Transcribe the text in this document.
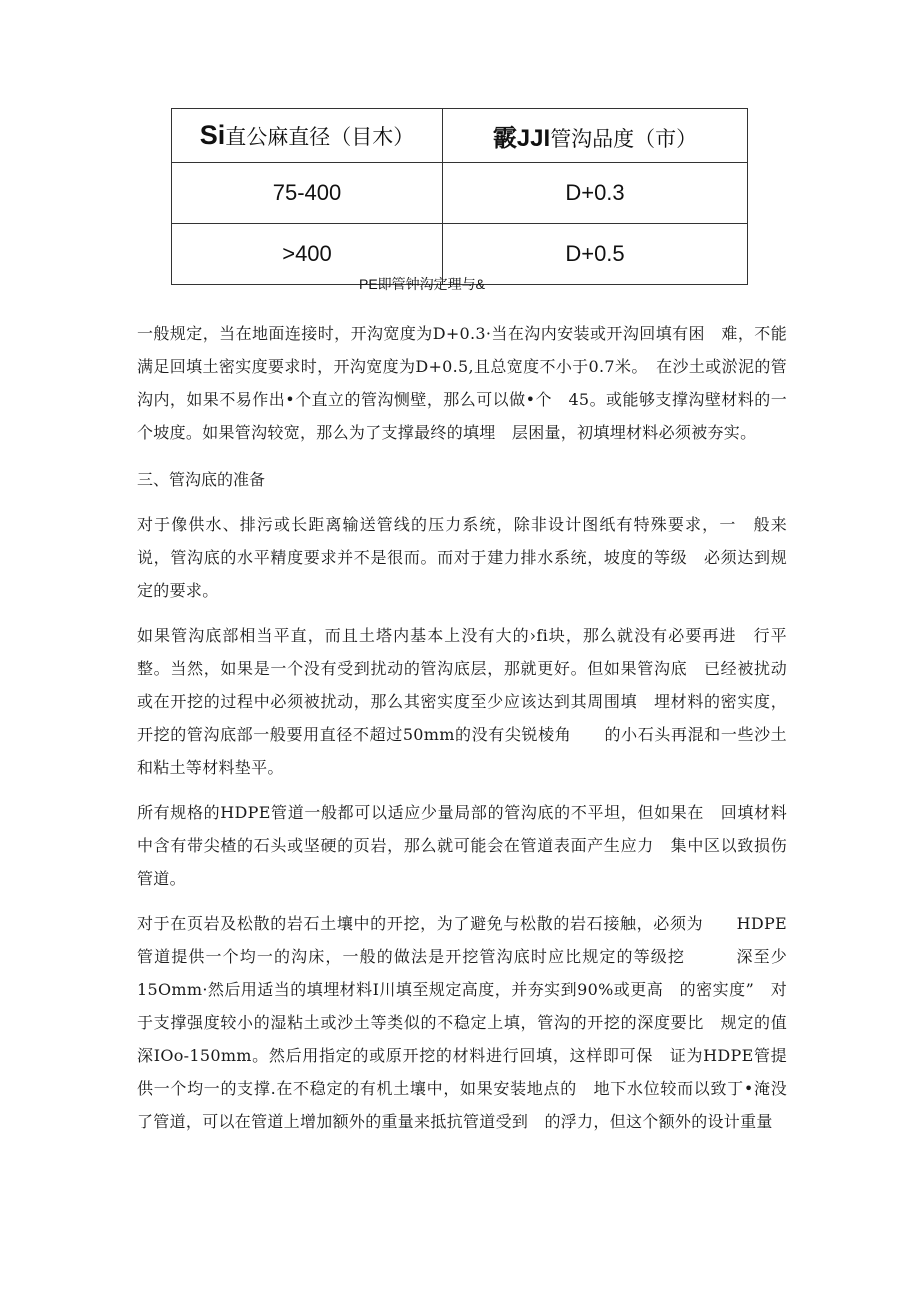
Si直公麻直径（目木）	霰JJI管沟品度（市）
75-400	D+0.3
>400	D+0.5
PE即管钟沟定理与&

一般规定，当在地面连接时，开沟宽度为D+0.3·当在沟内安装或开沟回填有困　难，不能满足回填土密实度要求时，开沟宽度为D+0.5,且总宽度不小于0.7米。　在沙土或淤泥的管沟内，如果不易作出•个直立的管沟恻壁，那么可以做•个　45。或能够支撑沟壁材料的一个坡度。如果管沟较宽，那么为了支撑最终的填埋　层困量，初填埋材料必须被夯实。

三、管沟底的准备

对于像供水、排污或长距离输送管线的压力系统，除非设计图纸有特殊要求，一　般来说，管沟底的水平精度要求并不是很而。而对于建力排水系统，坡度的等级　必须达到规定的要求。

如果管沟底部相当平直，而且土塔内基本上没有大的›fi块，那么就没有必要再进　行平整。当然，如果是一个没有受到扰动的管沟底层，那就更好。但如果管沟底　已经被扰动或在开挖的过程中必须被扰动，那么其密实度至少应该达到其周围填　埋材料的密实度，开挖的管沟底部一般要用直径不超过50mm的没有尖锐棱角　　的小石头再混和一些沙土和粘土等材料垫平。

所有规格的HDPE管道一般都可以适应少量局部的管沟底的不平坦，但如果在　回填材料中含有带尖楂的石头或坚硬的页岩，那么就可能会在管道表面产生应力　集中区以致损伤管道。

对于在页岩及松散的岩石土壤中的开挖，为了避免与松散的岩石接触，必须为　　HDPE管道提供一个均一的沟床，一般的做法是开挖管沟底时应比规定的等级挖　　　深至少15Omm·然后用适当的填埋材料I川填至规定高度，并夯实到90%或更高　的密实度”　对于支撑强度较小的湿粘土或沙土等类似的不稳定上填，管沟的开挖的深度要比　规定的值深IOo-150mm。然后用指定的或原开挖的材料进行回填，这样即可保　证为HDPE管提供一个均一的支撑.在不稳定的有机土壤中，如果安装地点的　地下水位较而以致丁•淹没了管道，可以在管道上增加额外的重量来抵抗管道受到　的浮力，但这个额外的设计重量
